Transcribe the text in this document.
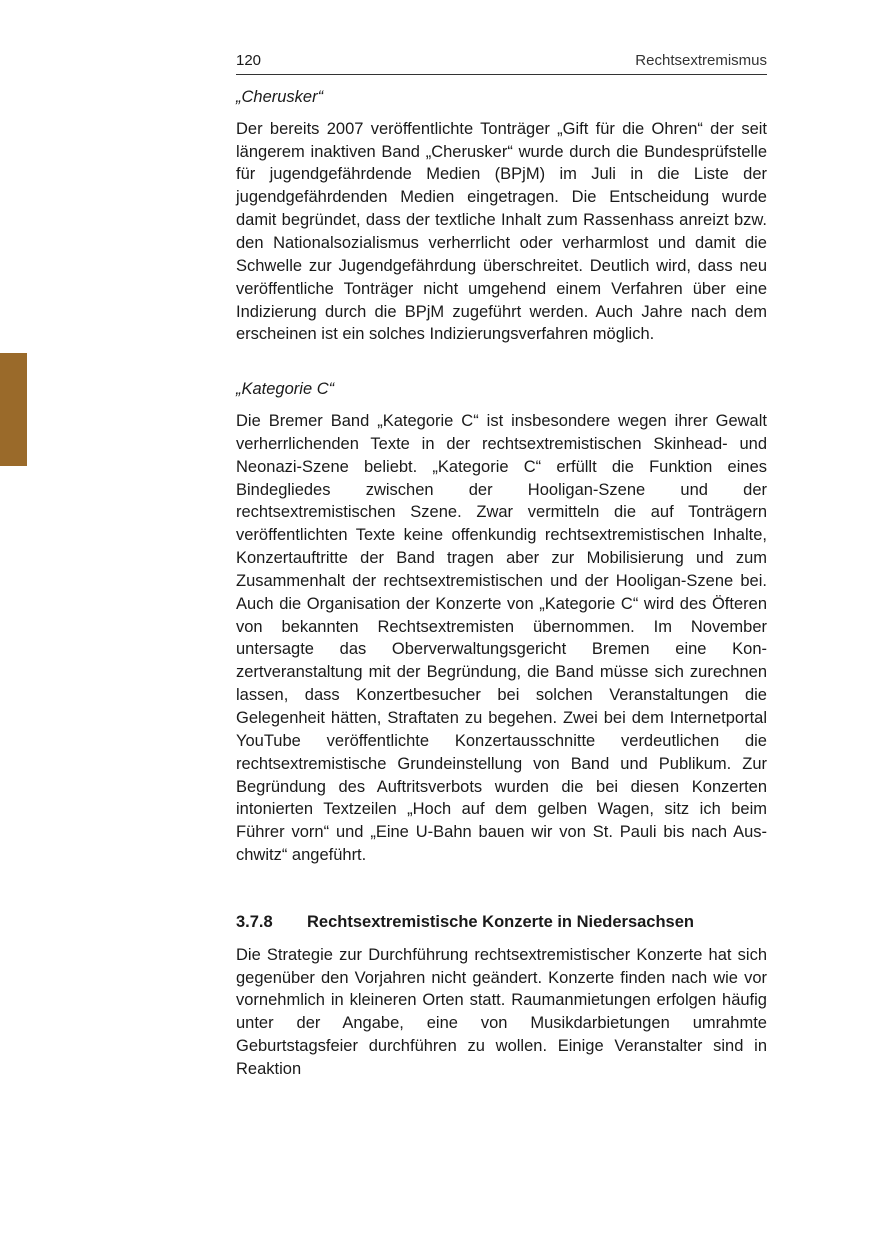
120	Rechtsextremismus
„Cherusker“

Der bereits 2007 veröffentlichte Tonträger „Gift für die Ohren“ der seit längerem inaktiven Band „Cherusker“ wurde durch die Bundesprüfstelle für jugendgefährdende Medien (BPjM) im Juli in die Liste der jugendgefährdenden Medien eingetragen. Die Entscheidung wurde damit begründet, dass der textliche Inhalt zum Rassenhass anreizt bzw. den Nationalsozialismus verherrlicht oder verharmlost und damit die Schwelle zur Jugendgefährdung überschreitet. Deutlich wird, dass neu veröffentliche Tonträger nicht umgehend einem Verfahren über eine Indizierung durch die BPjM zugeführt werden. Auch Jahre nach dem erscheinen ist ein solches Indizierungsverfahren möglich.

„Kategorie C“

Die Bremer Band „Kategorie C“ ist insbesondere wegen ihrer Gewalt verherrlichenden Texte in der rechtsextremistischen Skinhead- und Neonazi-Szene beliebt. „Kategorie C“ erfüllt die Funktion eines Bindegliedes zwischen der Hooligan-Szene und der rechtsextremistischen Szene. Zwar vermitteln die auf Tonträgern veröffentlichten Texte keine offenkundig rechtsextremistischen Inhalte, Konzertauftritte der Band tragen aber zur Mobilisierung und zum Zusammenhalt der rechtsextremistischen und der Hooligan-Szene bei. Auch die Organisation der Konzerte von „Kategorie C“ wird des Öfteren von bekannten Rechtsextremisten übernommen. Im November untersagte das Oberverwaltungsgericht Bremen eine Konzertveranstaltung mit der Begründung, die Band müsse sich zurechnen lassen, dass Konzertbesucher bei solchen Veranstaltungen die Gelegenheit hätten, Straftaten zu begehen. Zwei bei dem Internetportal YouTube veröffentlichte Konzertausschnitte verdeutlichen die rechtsextremistische Grundeinstellung von Band und Publikum. Zur Begründung des Auftritsverbots wurden die bei diesen Konzerten intonierten Textzeilen „Hoch auf dem gelben Wagen, sitz ich beim Führer vorn“ und „Eine U-Bahn bauen wir von St. Pauli bis nach Auschwitz“ angeführt.

3.7.8	Rechtsextremistische Konzerte in Niedersachsen

Die Strategie zur Durchführung rechtsextremistischer Konzerte hat sich gegenüber den Vorjahren nicht geändert. Konzerte finden nach wie vor vornehmlich in kleineren Orten statt. Raumanmietungen erfolgen häufig unter der Angabe, eine von Musikdarbietungen umrahmte Geburtstagsfeier durchführen zu wollen. Einige Veranstalter sind in Reaktion
